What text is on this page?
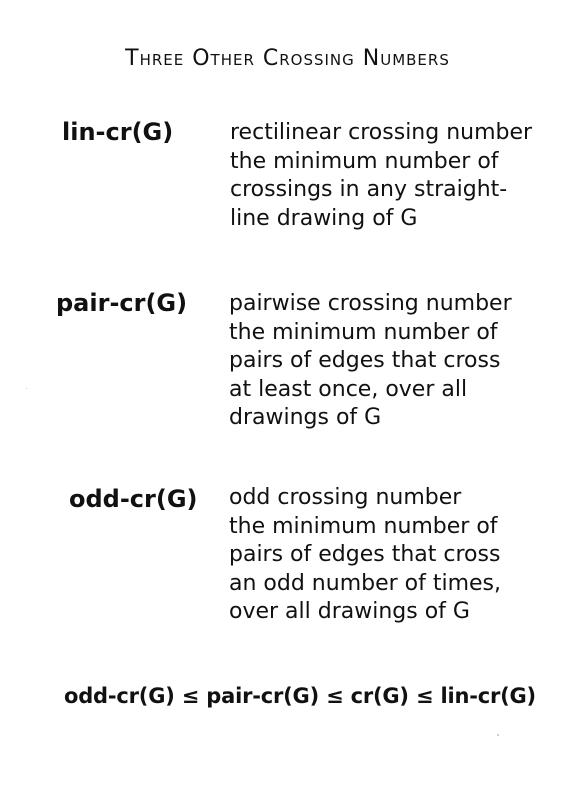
Three Other Crossing Numbers
lin-cr(G)	rectilinear crossing number
the minimum number of
crossings in any straight-
line drawing of G
pair-cr(G) pairwise crossing number
the minimum number of
pairs of edges that cross
at least once, over all
drawings of G
odd-cr(G) odd crossing number
the minimum number of
pairs of edges that cross
an odd number of times,
over all drawings of G
odd-cr(G) ≤ pair-cr(G) ≤ cr(G) ≤ lin-cr(G)
